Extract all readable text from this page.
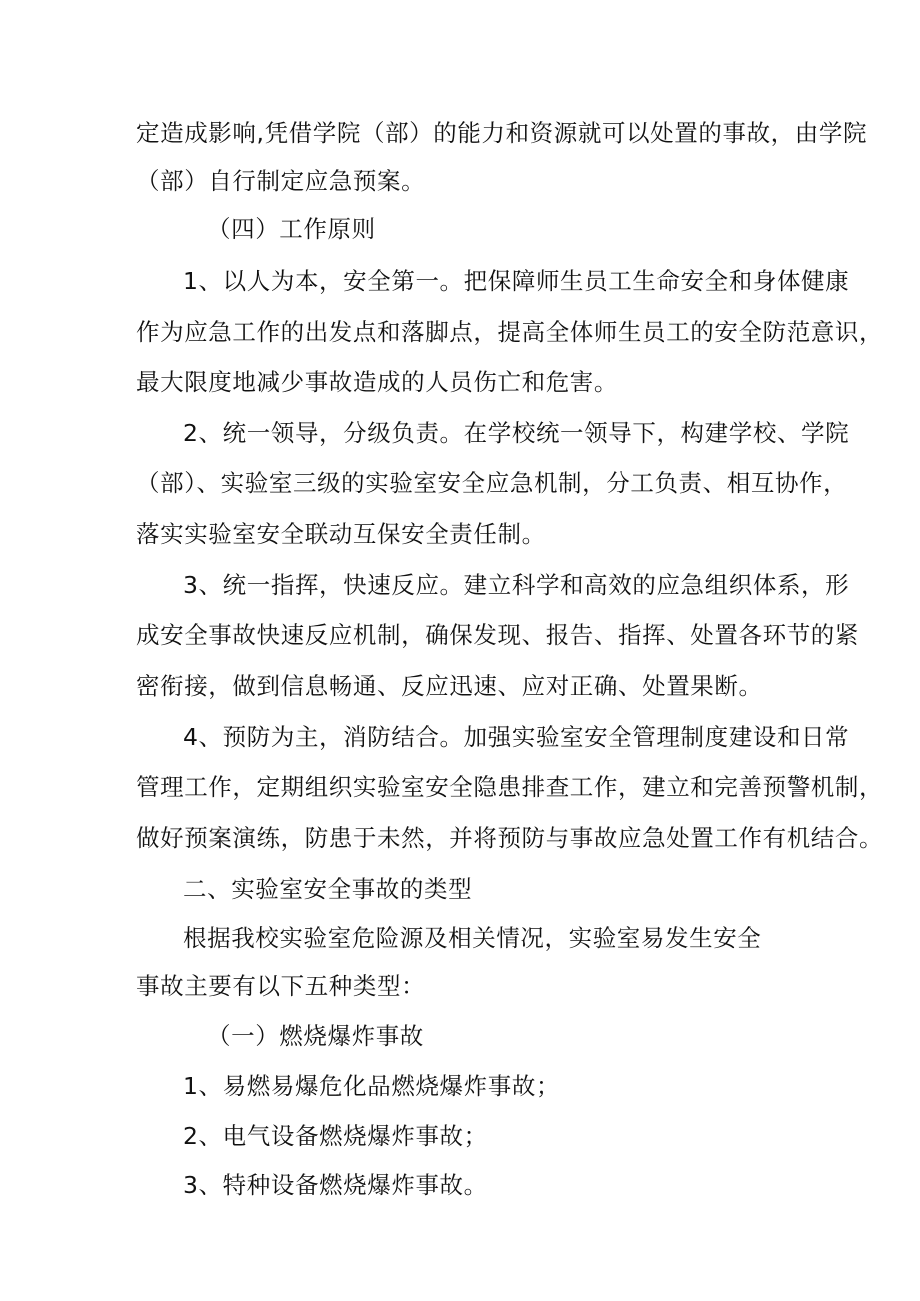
定造成影响,凭借学院（部）的能力和资源就可以处置的事故，由学院
（部）自行制定应急预案。
（四）工作原则
1、以人为本，安全第一。把保障师生员工生命安全和身体健康
作为应急工作的出发点和落脚点，提高全体师生员工的安全防范意识，
最大限度地减少事故造成的人员伤亡和危害。
2、统一领导，分级负责。在学校统一领导下，构建学校、学院
（部）、实验室三级的实验室安全应急机制，分工负责、相互协作，
落实实验室安全联动互保安全责任制。
3、统一指挥，快速反应。建立科学和高效的应急组织体系，形
成安全事故快速反应机制，确保发现、报告、指挥、处置各环节的紧
密衔接，做到信息畅通、反应迅速、应对正确、处置果断。
4、预防为主，消防结合。加强实验室安全管理制度建设和日常
管理工作，定期组织实验室安全隐患排查工作，建立和完善预警机制，
做好预案演练，防患于未然，并将预防与事故应急处置工作有机结合。
二、实验室安全事故的类型
根据我校实验室危险源及相关情况，实验室易发生安全
事故主要有以下五种类型：
（一）燃烧爆炸事故
1、易燃易爆危化品燃烧爆炸事故；
2、电气设备燃烧爆炸事故；
3、特种设备燃烧爆炸事故。
